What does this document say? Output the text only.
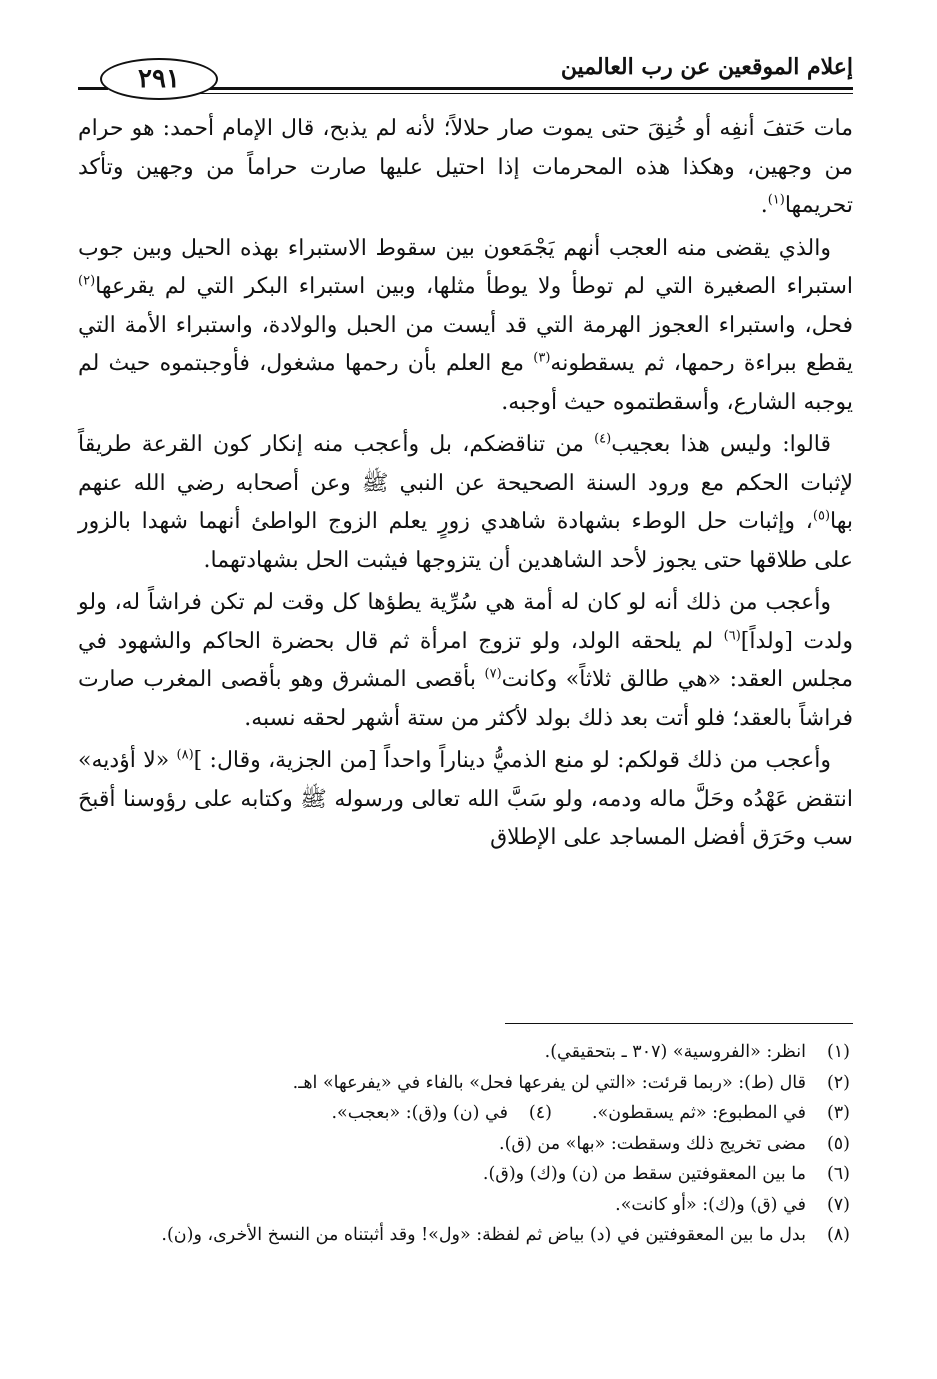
إعلام الموقعين عن رب العالمين
٢٩١

مات حَتفَ أنفِه أو خُنِقَ حتى يموت صار حلالاً؛ لأنه لم يذبح، قال الإمام أحمد: هو حرام من وجهين، وهكذا هذه المحرمات إذا احتيل عليها صارت حراماً من وجهين وتأكد تحريمها$^{(١)}$.

والذي يقضى منه العجب أنهم يَجْمَعون بين سقوط الاستبراء بهذه الحيل وبين جوب استبراء الصغيرة التي لم توطأ ولا يوطأ مثلها، وبين استبراء البكر التي لم يقرعها$^{(٢)}$ فحل، واستبراء العجوز الهرمة التي قد أيست من الحبل والولادة، واستبراء الأمة التي يقطع ببراءة رحمها، ثم يسقطونه$^{(٣)}$ مع العلم بأن رحمها مشغول، فأوجبتموه حيث لم يوجبه الشارع، وأسقطتموه حيث أوجبه.

قالوا: وليس هذا بعجيب$^{(٤)}$ من تناقضكم، بل وأعجب منه إنكار كون القرعة طريقاً لإثبات الحكم مع ورود السنة الصحيحة عن النبي ﷺ وعن أصحابه رضي الله عنهم بها$^{(٥)}$، وإثبات حل الوطء بشهادة شاهدي زورٍ يعلم الزوج الواطئ أنهما شهدا بالزور على طلاقها حتى يجوز لأحد الشاهدين أن يتزوجها فيثبت الحل بشهادتهما.

وأعجب من ذلك أنه لو كان له أمة هي سُرِّية يطؤها كل وقت لم تكن فراشاً له، ولو ولدت [ولداً]$^{(٦)}$ لم يلحقه الولد، ولو تزوج امرأة ثم قال بحضرة الحاكم والشهود في مجلس العقد: «هي طالق ثلاثاً» وكانت$^{(٧)}$ بأقصى المشرق وهو بأقصى المغرب صارت فراشاً بالعقد؛ فلو أتت بعد ذلك بولد لأكثر من ستة أشهر لحقه نسبه.

وأعجب من ذلك قولكم: لو منع الذميُّ ديناراً واحداً [من الجزية، وقال: ]$^{(٨)}$ «لا أؤديه» انتقض عَهْدُه وحَلَّ ماله ودمه، ولو سَبَّ الله تعالى ورسوله ﷺ وكتابه على رؤوسنا أقبحَ سب وحَرَق أفضل المساجد على الإطلاق

(١)
انظر: «الفروسية» (٣٠٧ ـ بتحقيقي).
(٢)
قال (ط): «ربما قرئت: «التي لن يفرعها فحل» بالفاء في «يفرعها» اهـ.
(٣)
في المطبوع: «ثم يسقطون».
(٤)
في (ن) و(ق): «بعجب».
(٥)
مضى تخريج ذلك وسقطت: «بها» من (ق).
(٦)
ما بين المعقوفتين سقط من (ن) و(ك) و(ق).
(٧)
في (ق) و(ك): «أو كانت».
(٨)
بدل ما بين المعقوفتين في (د) بياض ثم لفظة: «ول»! وقد أثبتناه من النسخ الأخرى، و(ن).
